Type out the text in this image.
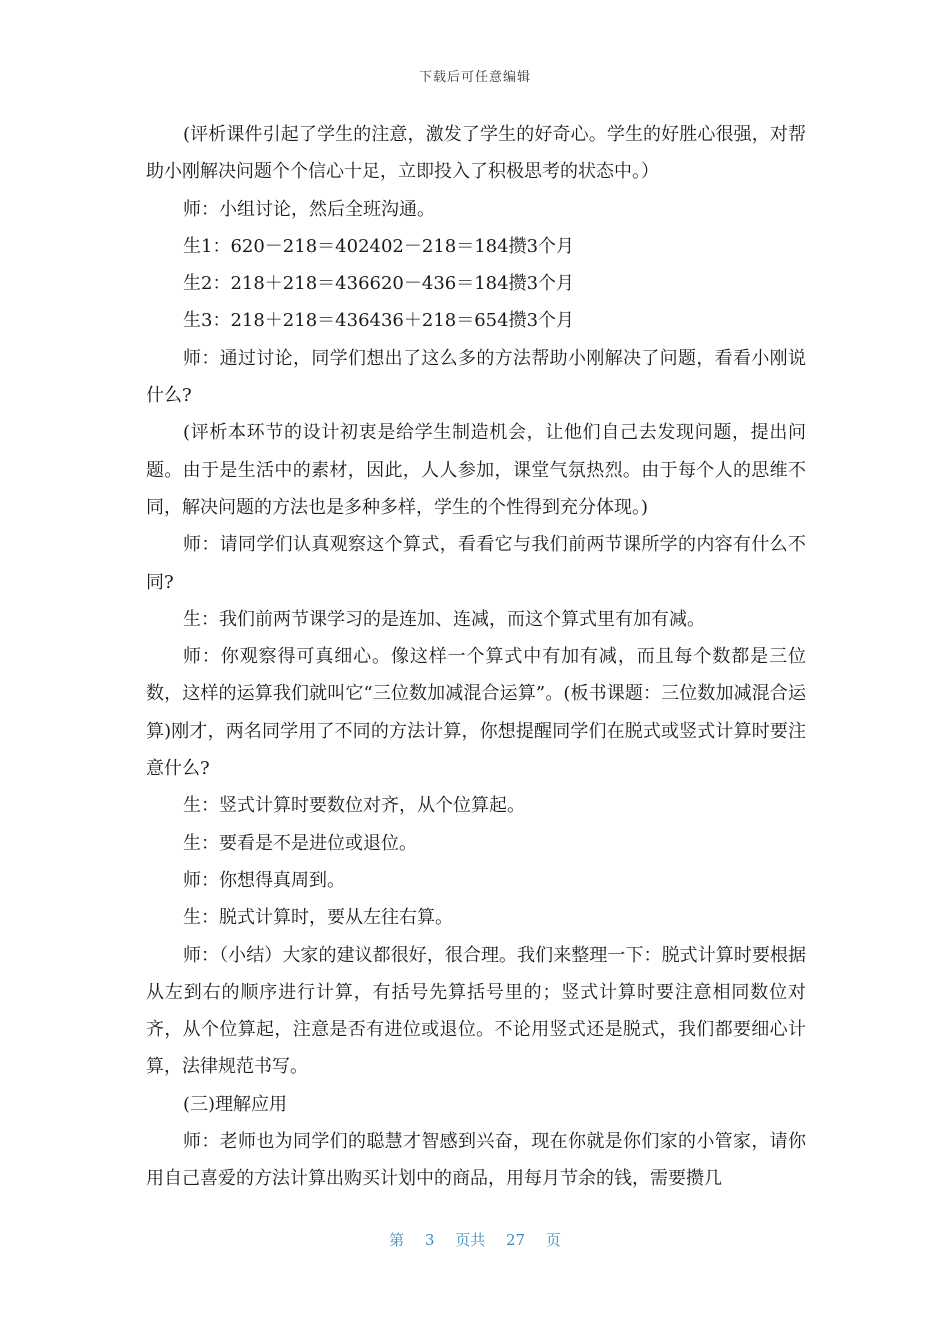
下载后可任意编辑

(评析课件引起了学生的注意，激发了学生的好奇心。学生的好胜心很强，对帮助小刚解决问题个个信心十足，立即投入了积极思考的状态中。）

师：小组讨论，然后全班沟通。

生1：620－218＝402402－218＝184攒3个月

生2：218＋218＝436620－436＝184攒3个月

生3：218＋218＝436436＋218＝654攒3个月

师：通过讨论，同学们想出了这么多的方法帮助小刚解决了问题，看看小刚说什么?

(评析本环节的设计初衷是给学生制造机会，让他们自己去发现问题，提出问题。由于是生活中的素材，因此，人人参加，课堂气氛热烈。由于每个人的思维不同，解决问题的方法也是多种多样，学生的个性得到充分体现。)

师：请同学们认真观察这个算式，看看它与我们前两节课所学的内容有什么不同?

生：我们前两节课学习的是连加、连减，而这个算式里有加有减。

师：你观察得可真细心。像这样一个算式中有加有减，而且每个数都是三位数，这样的运算我们就叫它“三位数加减混合运算”。(板书课题：三位数加减混合运算)刚才，两名同学用了不同的方法计算，你想提醒同学们在脱式或竖式计算时要注意什么?

生：竖式计算时要数位对齐，从个位算起。

生：要看是不是进位或退位。

师：你想得真周到。

生：脱式计算时，要从左往右算。

师：（小结）大家的建议都很好，很合理。我们来整理一下：脱式计算时要根据从左到右的顺序进行计算，有括号先算括号里的；竖式计算时要注意相同数位对齐，从个位算起，注意是否有进位或退位。不论用竖式还是脱式，我们都要细心计算，法律规范书写。

(三)理解应用

师：老师也为同学们的聪慧才智感到兴奋，现在你就是你们家的小管家，请你用自己喜爱的方法计算出购买计划中的商品，用每月节余的钱，需要攒几

第 3 页共 27 页
